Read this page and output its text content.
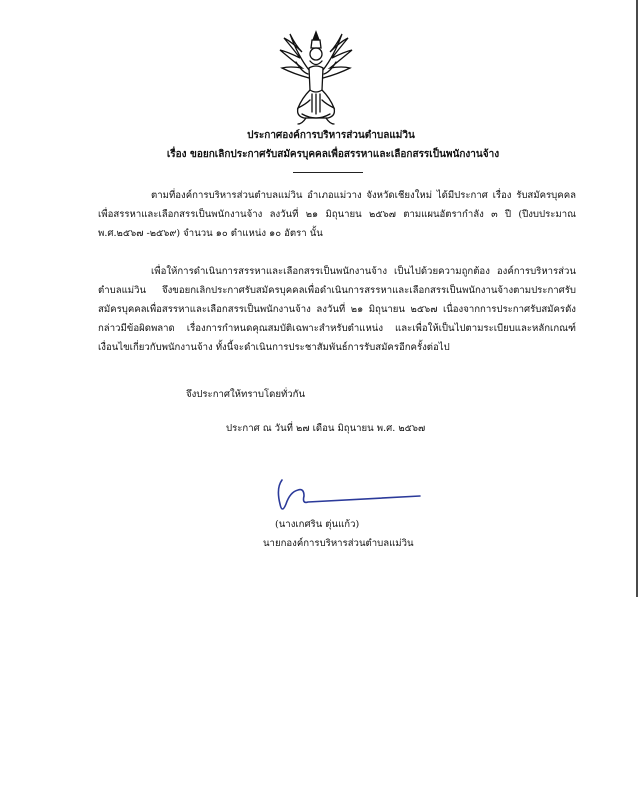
ประกาศองค์การบริหารส่วนตำบลแม่วิน
เรื่อง ขอยกเลิกประกาศรับสมัครบุคคลเพื่อสรรหาและเลือกสรรเป็นพนักงานจ้าง

ตามที่องค์การบริหารส่วนตำบลแม่วิน อำเภอแม่วาง จังหวัดเชียงใหม่ ได้มีประกาศ เรื่อง รับสมัครบุคคลเพื่อสรรหาและเลือกสรรเป็นพนักงานจ้าง ลงวันที่ ๒๑ มิถุนายน ๒๕๖๗ ตามแผนอัตรากำลัง ๓ ปี (ปีงบประมาณ พ.ศ.๒๕๖๗ -๒๕๖๙) จำนวน ๑๐ ตำแหน่ง ๑๐ อัตรา นั้น

เพื่อให้การดำเนินการสรรหาและเลือกสรรเป็นพนักงานจ้าง เป็นไปด้วยความถูกต้อง องค์การบริหารส่วนตำบลแม่วิน จึงขอยกเลิกประกาศรับสมัครบุคคลเพื่อดำเนินการสรรหาและเลือกสรรเป็นพนักงานจ้างตามประกาศรับสมัครบุคคลเพื่อสรรหาและเลือกสรรเป็นพนักงานจ้าง ลงวันที่ ๒๑ มิถุนายน ๒๕๖๗ เนื่องจากการประกาศรับสมัครดังกล่าวมีข้อผิดพลาด เรื่องการกำหนดคุณสมบัติเฉพาะสำหรับตำแหน่ง และเพื่อให้เป็นไปตามระเบียบและหลักเกณฑ์เงื่อนไขเกี่ยวกับพนักงานจ้าง ทั้งนี้จะดำเนินการประชาสัมพันธ์การรับสมัครอีกครั้งต่อไป

จึงประกาศให้ทราบโดยทั่วกัน
ประกาศ ณ วันที่ ๒๗ เดือน มิถุนายน พ.ศ. ๒๕๖๗
(นางเกศริน ตุ่นแก้ว)
นายกองค์การบริหารส่วนตำบลแม่วิน
